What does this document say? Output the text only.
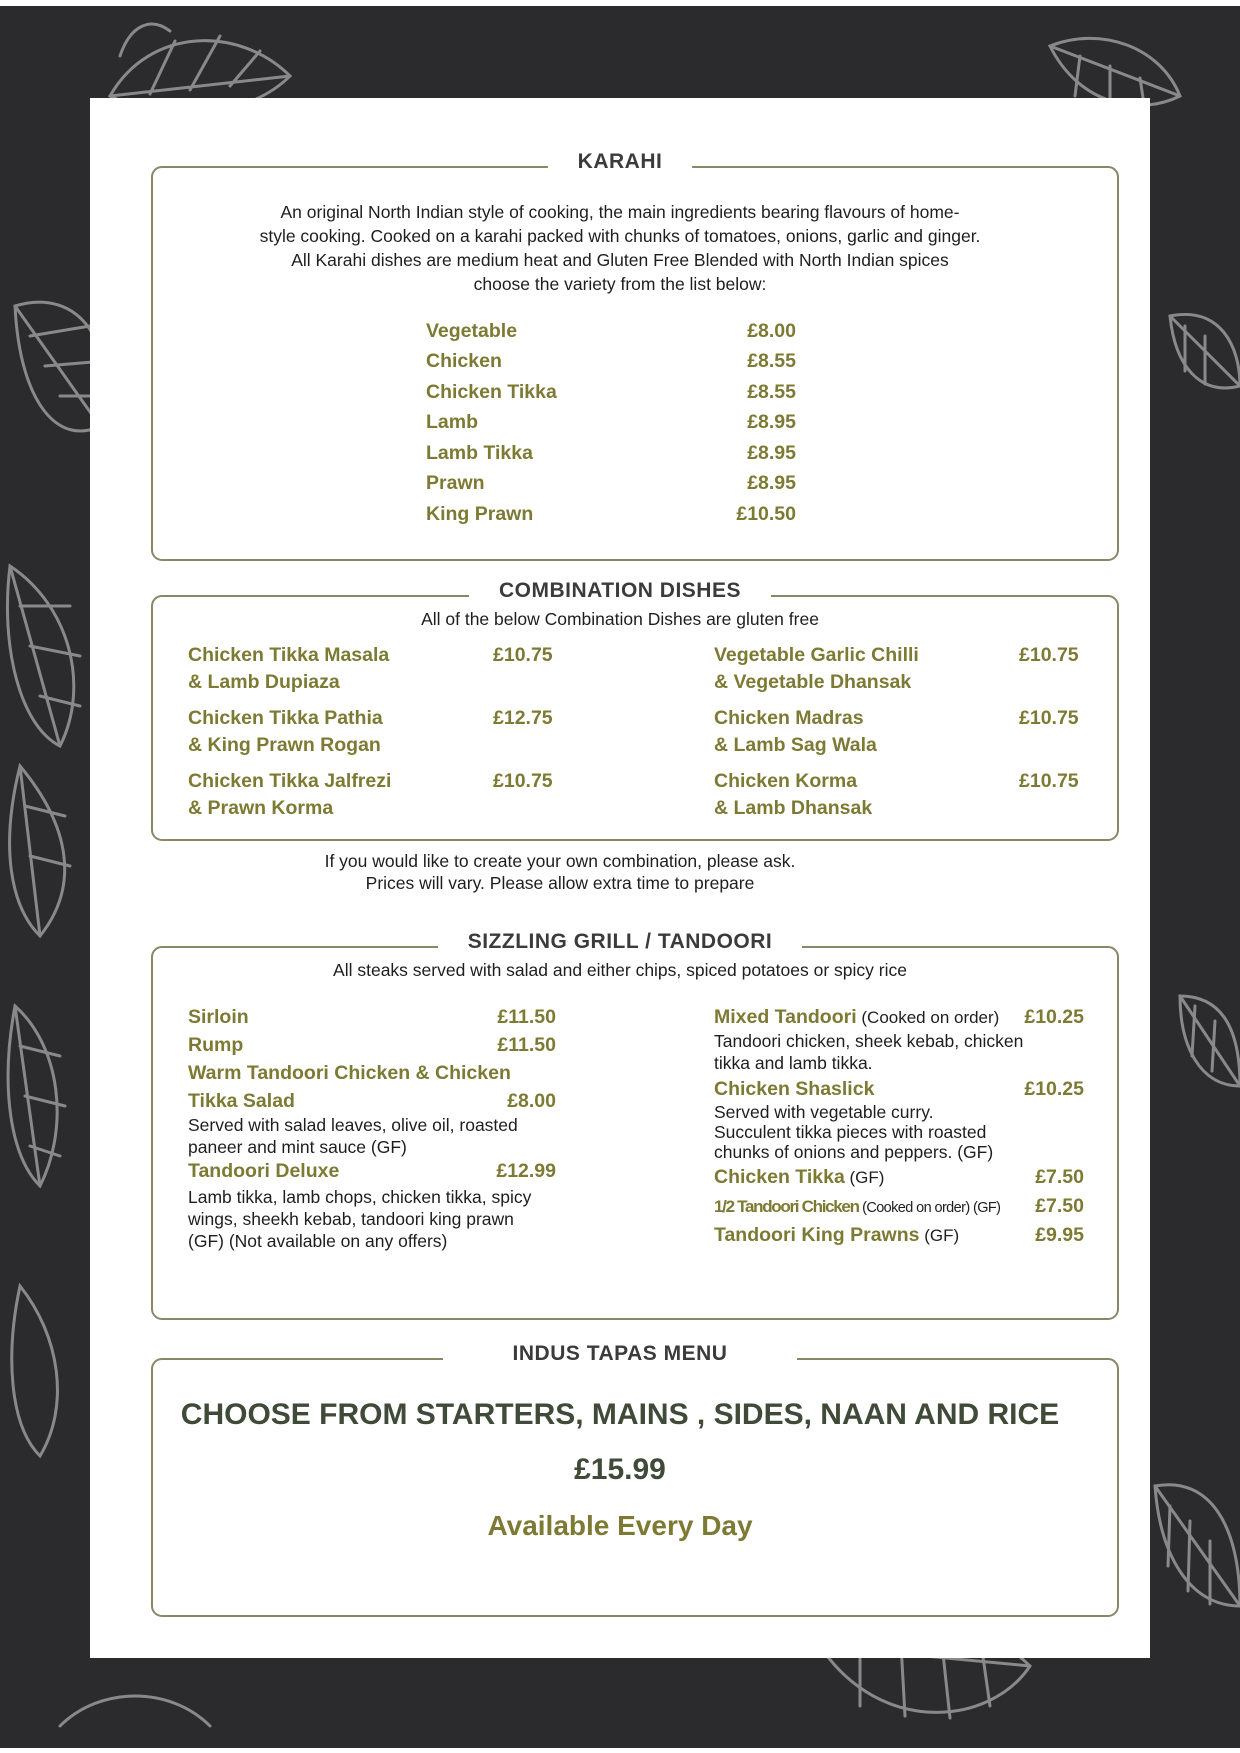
KARAHI
An original North Indian style of cooking, the main ingredients bearing flavours of home-
style cooking. Cooked on a karahi packed with chunks of tomatoes, onions, garlic and ginger.
All Karahi dishes are medium heat and Gluten Free Blended with North Indian spices
choose the variety from the list below:
Vegetable	£8.00
Chicken	£8.55
Chicken Tikka	£8.55
Lamb	£8.95
Lamb Tikka	£8.95
Prawn	£8.95
King Prawn	£10.50
COMBINATION DISHES
All of the below Combination Dishes are gluten free
Chicken Tikka Masala
& Lamb Dupiaza
£10.75
Chicken Tikka Pathia
& King Prawn Rogan
£12.75
Chicken Tikka Jalfrezi
& Prawn Korma
£10.75
Vegetable Garlic Chilli
& Vegetable Dhansak
£10.75
Chicken Madras
& Lamb Sag Wala
£10.75
Chicken Korma
& Lamb Dhansak
£10.75
If you would like to create your own combination, please ask.
Prices will vary. Please allow extra time to prepare
SIZZLING GRILL / TANDOORI
All steaks served with salad and either chips, spiced potatoes or spicy rice
Sirloin	£11.50
Rump	£11.50
Warm Tandoori Chicken & Chicken
Tikka Salad	£8.00
Served with salad leaves, olive oil, roasted
paneer and mint sauce (GF)
Tandoori Deluxe	£12.99
Lamb tikka, lamb chops, chicken tikka, spicy
wings, sheekh kebab, tandoori king prawn
(GF) (Not available on any offers)
Mixed Tandoori (Cooked on order) £10.25
Tandoori chicken, sheek kebab, chicken
tikka and lamb tikka.
Chicken Shaslick	£10.25
Served with vegetable curry.
Succulent tikka pieces with roasted
chunks of onions and peppers. (GF)
Chicken Tikka (GF)	£7.50
1/2 Tandoori Chicken (Cooked on order) (GF) £7.50
Tandoori King Prawns (GF)	£9.95
INDUS TAPAS MENU
CHOOSE FROM STARTERS, MAINS , SIDES, NAAN AND RICE
£15.99
Available Every Day
